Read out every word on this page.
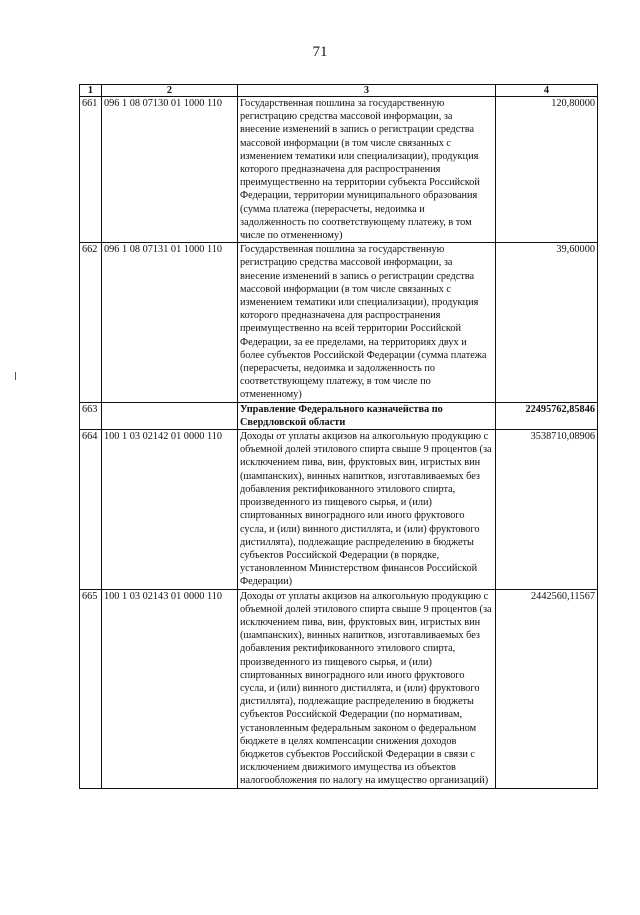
71
1	2	3	4
661	096 1 08 07130 01 1000 110	Государственная пошлина за государственную регистрацию средства массовой информации, за внесение изменений в запись о регистрации средства массовой информации (в том числе связанных с изменением тематики или специализации), продукция которого предназначена для распространения преимущественно на территории субъекта Российской Федерации, территории муниципального образования (сумма платежа (перерасчеты, недоимка и задолженность по соответствующему платежу, в том числе по отмененному)	120,80000
662	096 1 08 07131 01 1000 110	Государственная пошлина за государственную регистрацию средства массовой информации, за внесение изменений в запись о регистрации средства массовой информации (в том числе связанных с изменением тематики или специализации), продукция которого предназначена для распространения преимущественно на всей территории Российской Федерации, за ее пределами, на территориях двух и более субъектов Российской Федерации (сумма платежа (перерасчеты, недоимка и задолженность по соответствующему платежу, в том числе по отмененному)	39,60000
663		Управление Федерального казначейства по Свердловской области	22495762,85846
664	100 1 03 02142 01 0000 110	Доходы от уплаты акцизов на алкогольную продукцию с объемной долей этилового спирта свыше 9 процентов (за исключением пива, вин, фруктовых вин, игристых вин (шампанских), винных напитков, изготавливаемых без добавления ректификованного этилового спирта, произведенного из пищевого сырья, и (или) спиртованных виноградного или иного фруктового сусла, и (или) винного дистиллята, и (или) фруктового дистиллята), подлежащие распределению в бюджеты субъектов Российской Федерации (в порядке, установленном Министерством финансов Российской Федерации)	3538710,08906
665	100 1 03 02143 01 0000 110	Доходы от уплаты акцизов на алкогольную продукцию с объемной долей этилового спирта свыше 9 процентов (за исключением пива, вин, фруктовых вин, игристых вин (шампанских), винных напитков, изготавливаемых без добавления ректификованного этилового спирта, произведенного из пищевого сырья, и (или) спиртованных виноградного или иного фруктового сусла, и (или) винного дистиллята, и (или) фруктового дистиллята), подлежащие распределению в бюджеты субъектов Российской Федерации (по нормативам, установленным федеральным законом о федеральном бюджете в целях компенсации снижения доходов бюджетов субъектов Российской Федерации в связи с исключением движимого имущества из объектов налогообложения по налогу на имущество организаций)	2442560,11567
